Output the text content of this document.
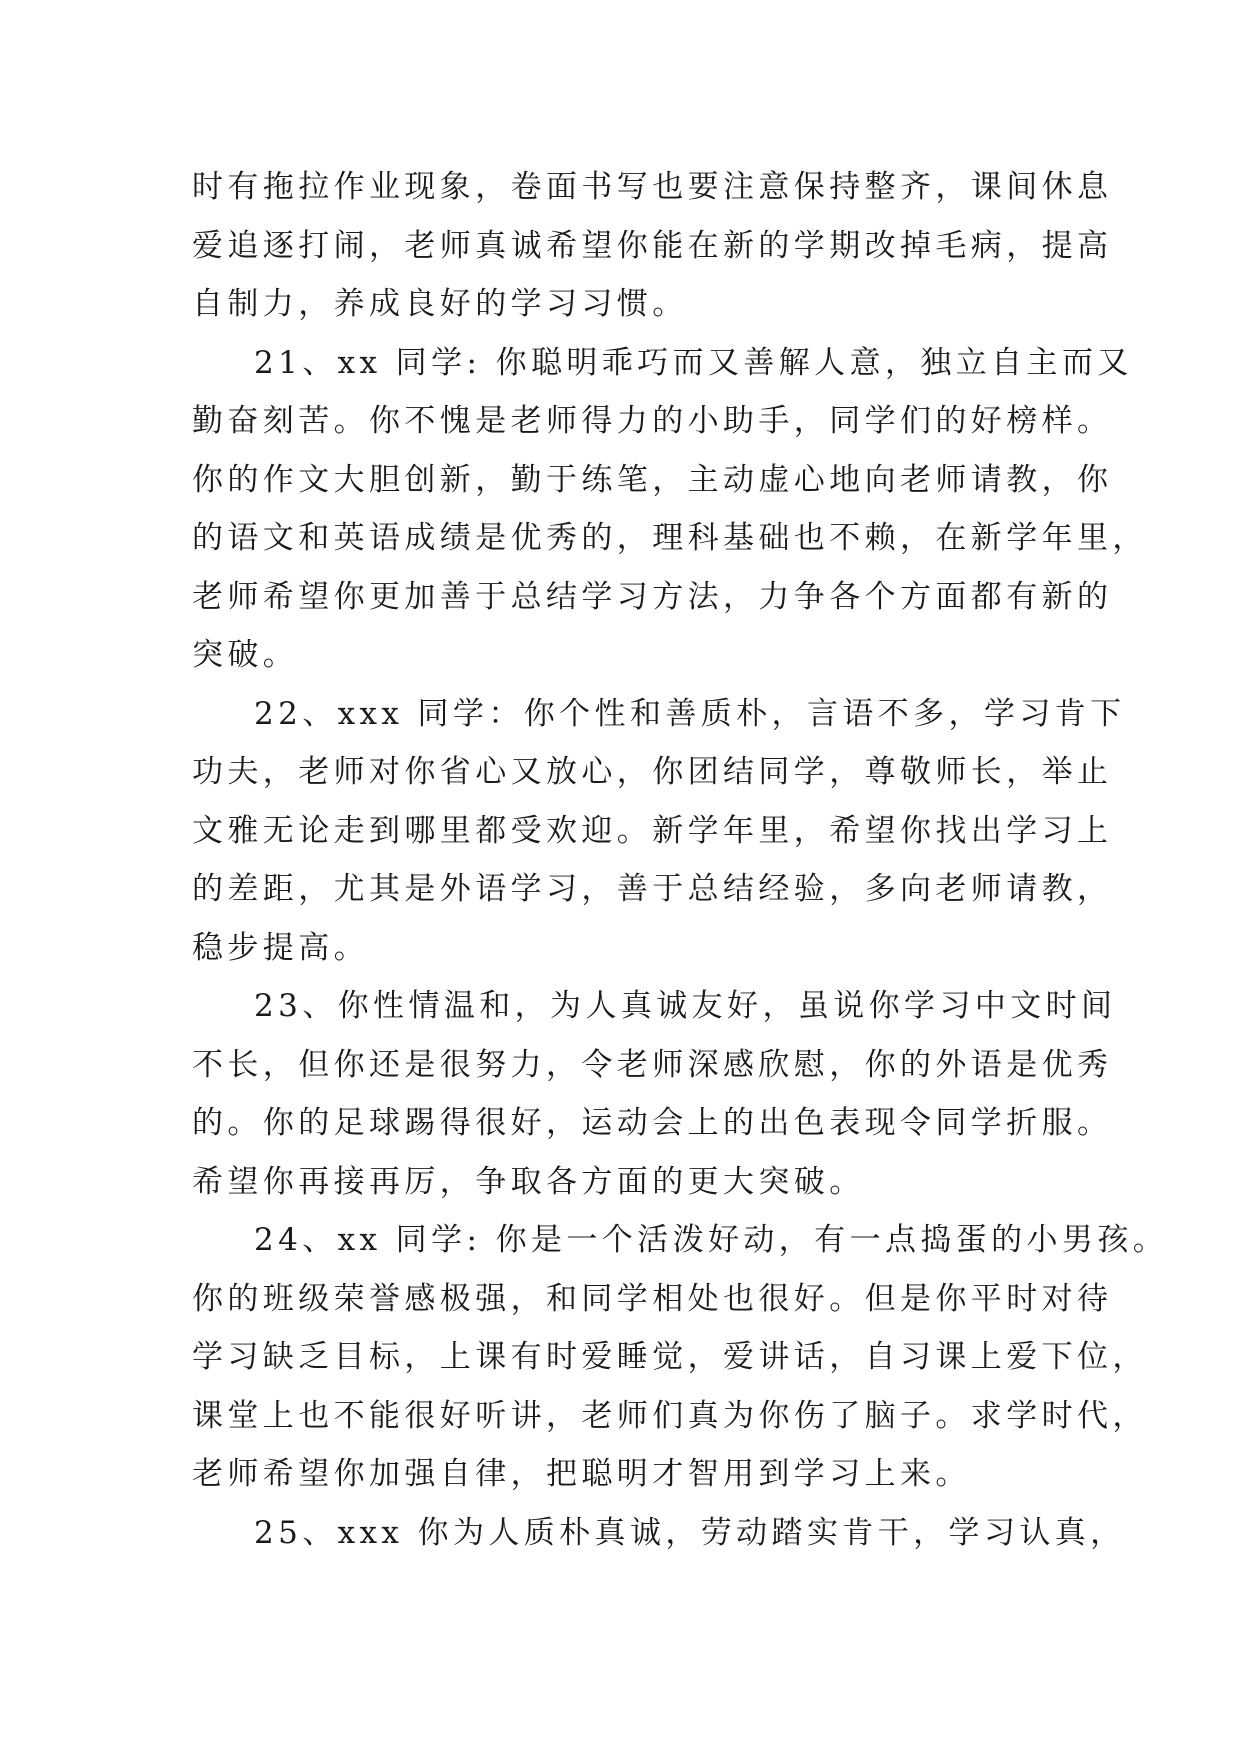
时有拖拉作业现象，卷面书写也要注意保持整齐，课间休息
爱追逐打闹，老师真诚希望你能在新的学期改掉毛病，提高
自制力，养成良好的学习习惯。
21、xx 同学: 你聪明乖巧而又善解人意，独立自主而又
勤奋刻苦。你不愧是老师得力的小助手，同学们的好榜样。
你的作文大胆创新，勤于练笔，主动虚心地向老师请教，你
的语文和英语成绩是优秀的，理科基础也不赖，在新学年里，
老师希望你更加善于总结学习方法，力争各个方面都有新的
突破。
22、xxx 同学：你个性和善质朴，言语不多，学习肯下
功夫，老师对你省心又放心，你团结同学，尊敬师长，举止
文雅无论走到哪里都受欢迎。新学年里，希望你找出学习上
的差距，尤其是外语学习，善于总结经验，多向老师请教，
稳步提高。
23、你性情温和，为人真诚友好，虽说你学习中文时间
不长，但你还是很努力，令老师深感欣慰，你的外语是优秀
的。你的足球踢得很好，运动会上的出色表现令同学折服。
希望你再接再厉，争取各方面的更大突破。
24、xx 同学: 你是一个活泼好动，有一点捣蛋的小男孩。
你的班级荣誉感极强，和同学相处也很好。但是你平时对待
学习缺乏目标，上课有时爱睡觉，爱讲话，自习课上爱下位，
课堂上也不能很好听讲，老师们真为你伤了脑子。求学时代，
老师希望你加强自律，把聪明才智用到学习上来。
25、xxx 你为人质朴真诚，劳动踏实肯干，学习认真，
